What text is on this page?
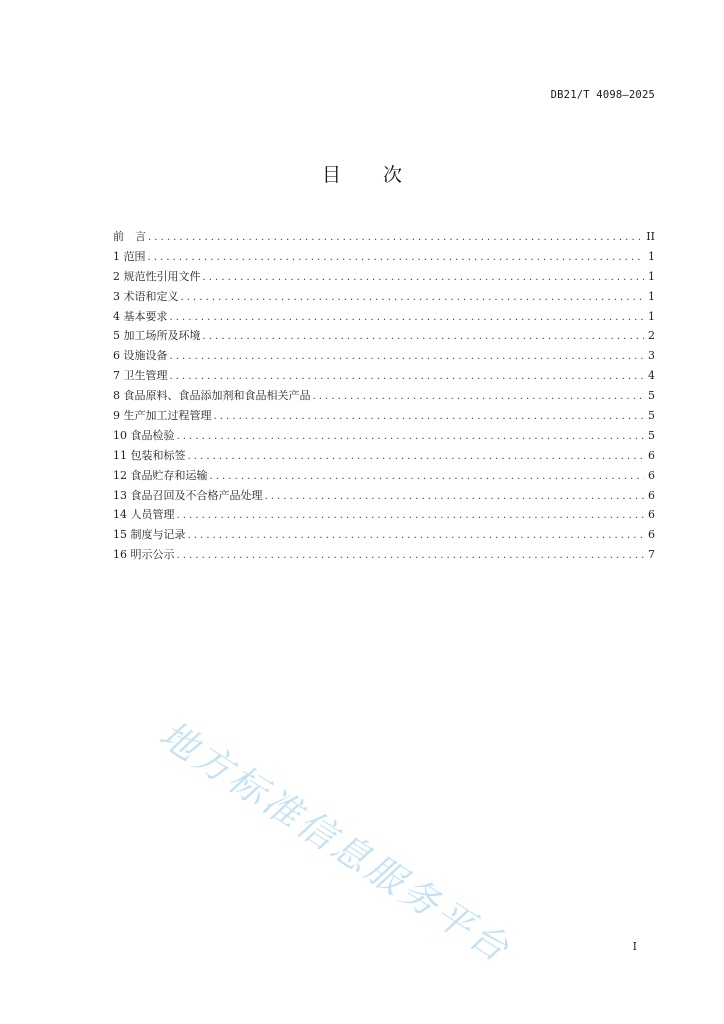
DB21/T 4098—2025
目 次
前　言 .....	II
1 范围 .....	1
2 规范性引用文件 .....	1
3 术语和定义 .....	1
4 基本要求 .....	1
5 加工场所及环境 .....	2
6 设施设备 .....	3
7 卫生管理 .....	4
8 食品原料、食品添加剂和食品相关产品 .....	5
9 生产加工过程管理 .....	5
10 食品检验 .....	5
11 包装和标签 .....	6
12 食品贮存和运输 .....	6
13 食品召回及不合格产品处理 .....	6
14 人员管理 .....	6
15 制度与记录 .....	6
16 明示公示 .....	7
地方标准信息服务平台	I
